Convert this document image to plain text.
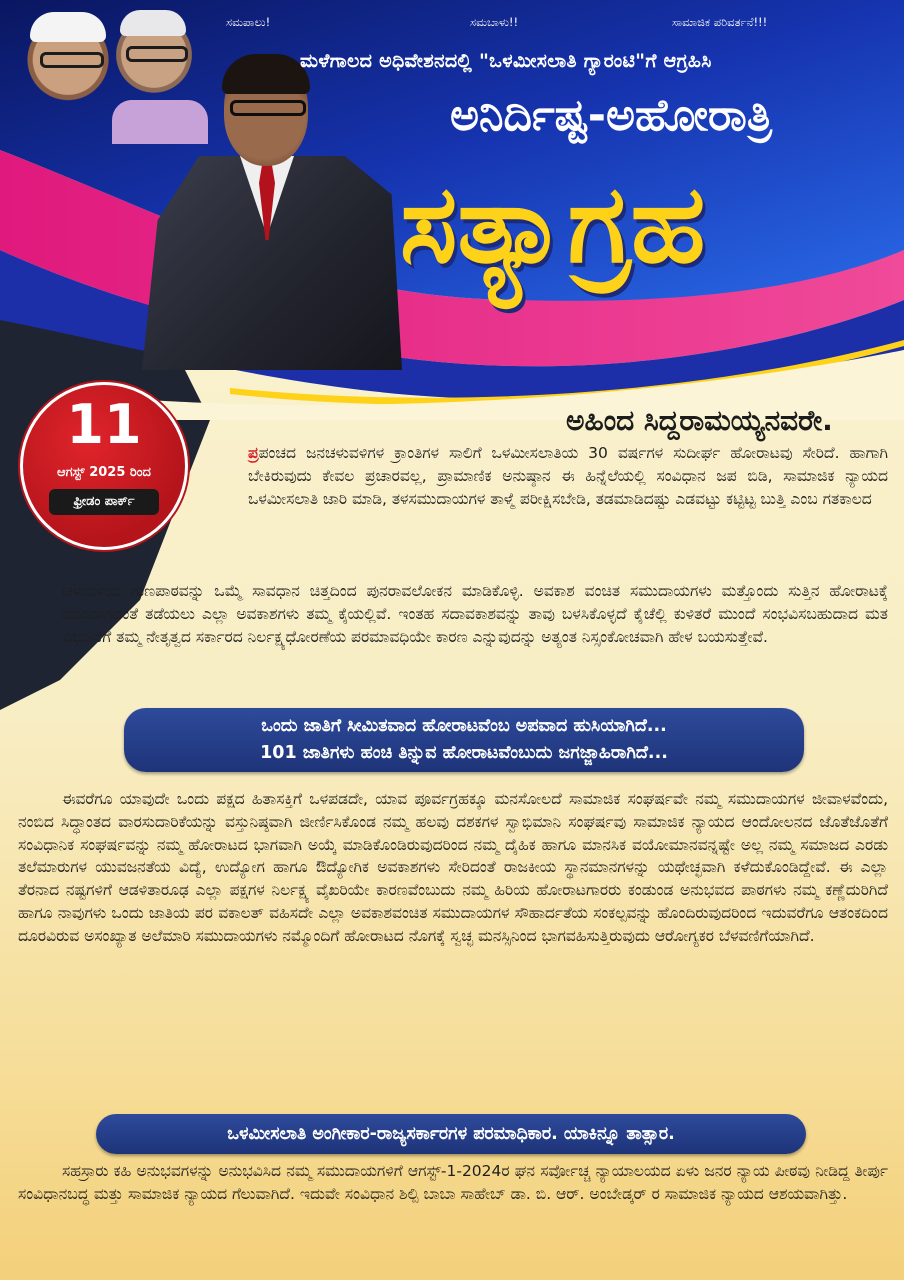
ಸಮಪಾಲು!	ಸಮಬಾಳು!!	ಸಾಮಾಜಿಕ ಪರಿವರ್ತನೆ!!!
ಮಳೆಗಾಲದ ಅಧಿವೇಶನದಲ್ಲಿ "ಒಳಮೀಸಲಾತಿ ಗ್ಯಾರಂಟಿ"ಗೆ ಆಗ್ರಹಿಸಿ
ಅನಿರ್ದಿಷ್ಟ-ಅಹೋರಾತ್ರಿ
ಸತ್ಯಾಗ್ರಹ
11
ಆಗಸ್ಟ್ 2025 ರಿಂದ
ಫ್ರೀಡಂ ಪಾರ್ಕ್
ಅಹಿಂದ ಸಿದ್ದರಾಮಯ್ಯನವರೇ.
ಪ್ರಪಂಚದ ಜನಚಳುವಳಿಗಳ ಕ್ರಾಂತಿಗಳ ಸಾಲಿಗೆ ಒಳಮೀಸಲಾತಿಯ 30 ವರ್ಷಗಳ ಸುದೀರ್ಘ ಹೋರಾಟವು ಸೇರಿದೆ. ಹಾಗಾಗಿ ಬೇಕಿರುವುದು ಕೇವಲ ಪ್ರಚಾರವಲ್ಲ, ಪ್ರಾಮಾಣಿಕ ಅನುಷ್ಠಾನ ಈ ಹಿನ್ನೆಲೆಯಲ್ಲಿ ಸಂವಿಧಾನ ಜಪ ಬಿಡಿ, ಸಾಮಾಜಿಕ ನ್ಯಾಯದ ಒಳಮೀಸಲಾತಿ ಜಾರಿ ಮಾಡಿ, ತಳಸಮುದಾಯಗಳ ತಾಳ್ಮೆ ಪರೀಕ್ಷಿಸಬೇಡಿ, ತಡಮಾಡಿದಷ್ಟು ಎಡವಟ್ಟು ಕಟ್ಟಿಟ್ಟ ಬುತ್ತಿ ಎಂಬ ಗತಕಾಲದ
ಚಳುವಳಿಯ ಗುಣಪಾಠವನ್ನು ಒಮ್ಮೆ ಸಾವಧಾನ ಚಿತ್ತದಿಂದ ಪುನರಾವಲೋಕನ ಮಾಡಿಕೊಳ್ಳಿ. ಅವಕಾಶ ವಂಚಿತ ಸಮುದಾಯಗಳು ಮತ್ತೊಂದು ಸುತ್ತಿನ ಹೋರಾಟಕ್ಕೆ ಮುಂದಾಗದಂತೆ ತಡೆಯಲು ಎಲ್ಲಾ ಅವಕಾಶಗಳು ತಮ್ಮ ಕೈಯಲ್ಲಿವೆ. ಇಂತಹ ಸದಾವಕಾಶವನ್ನು ತಾವು ಬಳಸಿಕೊಳ್ಳದೆ ಕೈಚೆಲ್ಲಿ ಕುಳಿತರೆ ಮುಂದೆ ಸಂಭವಿಸಬಹುದಾದ ಮತ ವಿಭಜನೆಗೆ ತಮ್ಮ ನೇತೃತ್ವದ ಸರ್ಕಾರದ ನಿರ್ಲಕ್ಷ್ಯಧೋರಣೆಯ ಪರಮಾವಧಿಯೇ ಕಾರಣ ಎನ್ನುವುದನ್ನು ಅತ್ಯಂತ ನಿಸ್ಸಂಕೋಚವಾಗಿ ಹೇಳ ಬಯಸುತ್ತೇವೆ.
ಒಂದು ಜಾತಿಗೆ ಸೀಮಿತವಾದ ಹೋರಾಟವೆಂಬ ಅಪವಾದ ಹುಸಿಯಾಗಿದೆ...
101 ಜಾತಿಗಳು ಹಂಚಿ ತಿನ್ನುವ ಹೋರಾಟವೆಂಬುದು ಜಗಜ್ಜಾಹಿರಾಗಿದೆ...
ಈವರೆಗೂ ಯಾವುದೇ ಒಂದು ಪಕ್ಷದ ಹಿತಾಸಕ್ತಿಗೆ ಒಳಪಡದೇ, ಯಾವ ಪೂರ್ವಗ್ರಹಕ್ಕೂ ಮನಸೋಲದೆ ಸಾಮಾಜಿಕ ಸಂಘರ್ಷವೇ ನಮ್ಮ ಸಮುದಾಯಗಳ ಜೀವಾಳವೆಂದು, ನಂಬಿದ ಸಿದ್ಧಾಂತದ ವಾರಸುದಾರಿಕೆಯನ್ನು ವಸ್ತುನಿಷ್ಠವಾಗಿ ಜೀರ್ಣಿಸಿಕೊಂಡ ನಮ್ಮ ಹಲವು ದಶಕಗಳ ಸ್ವಾಭಿಮಾನಿ ಸಂಘರ್ಷವು ಸಾಮಾಜಿಕ ನ್ಯಾಯದ ಆಂದೋಲನದ ಜೊತೆಜೊತೆಗೆ ಸಂವಿಧಾನಿಕ ಸಂಘರ್ಷವನ್ನು ನಮ್ಮ ಹೋರಾಟದ ಭಾಗವಾಗಿ ಅಯ್ಕೆ ಮಾಡಿಕೊಂಡಿರುವುದರಿಂದ ನಮ್ಮ ದೈಹಿಕ ಹಾಗೂ ಮಾನಸಿಕ ವಯೋಮಾನವನ್ನಷ್ಟೇ ಅಲ್ಲ ನಮ್ಮ ಸಮಾಜದ ಎರಡು ತಲೆಮಾರುಗಳ ಯುವಜನತೆಯ ವಿದ್ಯೆ, ಉದ್ಯೋಗ ಹಾಗೂ ಔದ್ಯೋಗಿಕ ಅವಕಾಶಗಳು ಸೇರಿದಂತೆ ರಾಜಕೀಯ ಸ್ಥಾನಮಾನಗಳನ್ನು ಯಥೇಚ್ಛವಾಗಿ ಕಳೆದುಕೊಂಡಿದ್ದೇವೆ. ಈ ಎಲ್ಲಾ ತೆರನಾದ ನಷ್ಟಗಳಿಗೆ ಆಡಳಿತಾರೂಢ ಎಲ್ಲಾ ಪಕ್ಷಗಳ ನಿರ್ಲಕ್ಷ್ಯ ವೈಖರಿಯೇ ಕಾರಣವೆಂಬುದು ನಮ್ಮ ಹಿರಿಯ ಹೋರಾಟಗಾರರು ಕಂಡುಂಡ ಅನುಭವದ ಪಾಠಗಳು ನಮ್ಮ ಕಣ್ಣೆದುರಿಗಿದೆ ಹಾಗೂ ನಾವುಗಳು ಒಂದು ಜಾತಿಯ ಪರ ವಕಾಲತ್ ವಹಿಸದೇ ಎಲ್ಲಾ ಅವಕಾಶವಂಚಿತ ಸಮುದಾಯಗಳ ಸೌಹಾರ್ದತೆಯ ಸಂಕಲ್ಪವನ್ನು ಹೊಂದಿರುವುದರಿಂದ ಇದುವರೆಗೂ ಆತಂಕದಿಂದ ದೂರವಿರುವ ಅಸಂಖ್ಯಾತ ಅಲೆಮಾರಿ ಸಮುದಾಯಗಳು ನಮ್ಮೊಂದಿಗೆ ಹೋರಾಟದ ನೊಗಕ್ಕೆ ಸ್ವಚ್ಛ ಮನಸ್ಸಿನಿಂದ ಭಾಗವಹಿಸುತ್ತಿರುವುದು ಆರೋಗ್ಯಕರ ಬೆಳವಣಿಗೆಯಾಗಿದೆ.
ಒಳಮೀಸಲಾತಿ ಅಂಗೀಕಾರ-ರಾಜ್ಯಸರ್ಕಾರಗಳ ಪರಮಾಧಿಕಾರ. ಯಾಕಿನ್ನೂ ತಾತ್ಸಾರ.
ಸಹಸ್ರಾರು ಕಹಿ ಅನುಭವಗಳನ್ನು ಅನುಭವಿಸಿದ ನಮ್ಮ ಸಮುದಾಯಗಳಿಗೆ ಆಗಸ್ಟ್-1-2024ರ ಘನ ಸರ್ವೋಚ್ಚ ನ್ಯಾಯಾಲಯದ ಏಳು ಜನರ ನ್ಯಾಯ ಪೀಠವು ನೀಡಿದ್ದ ತೀರ್ಪು ಸಂವಿಧಾನಬದ್ಧ ಮತ್ತು ಸಾಮಾಜಿಕ ನ್ಯಾಯದ ಗೆಲುವಾಗಿದೆ. ಇದುವೇ ಸಂವಿಧಾನ ಶಿಲ್ಪಿ ಬಾಬಾ ಸಾಹೇಬ್ ಡಾ. ಬಿ. ಆರ್. ಅಂಬೇಡ್ಕರ್ ರ ಸಾಮಾಜಿಕ ನ್ಯಾಯದ ಆಶಯವಾಗಿತ್ತು.
